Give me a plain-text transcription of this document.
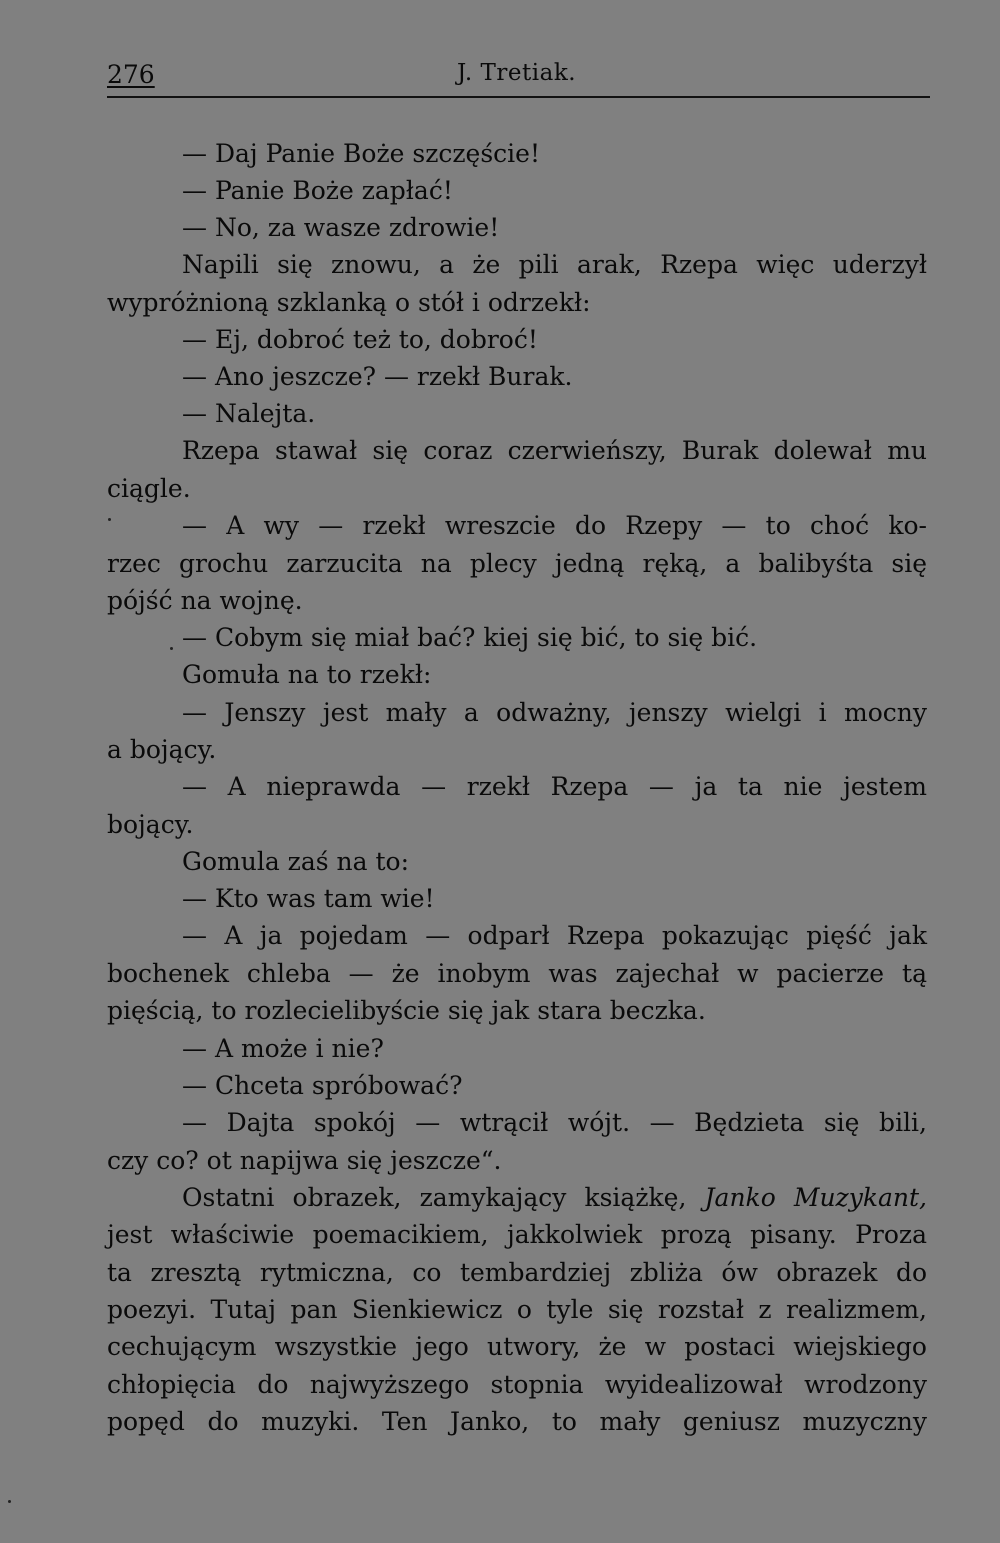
276	J. Tretiak.
— Daj Panie Boże szczęście!
— Panie Boże zapłać!
— No, za wasze zdrowie!
Napili się znowu, a że pili arak, Rzepa więc uderzył
wypróżnioną szklanką o stół i odrzekł:
— Ej, dobroć też to, dobroć!
— Ano jeszcze? — rzekł Burak.
— Nalejta.
Rzepa stawał się coraz czerwieńszy, Burak dolewał mu
ciągle.
— A wy — rzekł wreszcie do Rzepy — to choć ko-
rzec grochu zarzucita na plecy jedną ręką, a balibyśta się
pójść na wojnę.
— Cobym się miał bać? kiej się bić, to się bić.
Gomuła na to rzekł:
— Jenszy jest mały a odważny, jenszy wielgi i mocny
a bojący.
— A nieprawda — rzekł Rzepa — ja ta nie jestem
bojący.
Gomula zaś na to:
— Kto was tam wie!
— A ja pojedam — odparł Rzepa pokazując pięść jak
bochenek chleba — że inobym was zajechał w pacierze tą
pięścią, to rozlecielibyście się jak stara beczka.
— A może i nie?
— Chceta spróbować?
— Dajta spokój — wtrącił wójt. — Będzieta się bili,
czy co? ot napijwa się jeszcze“.
Ostatni obrazek, zamykający książkę, Janko Muzykant,
jest właściwie poemacikiem, jakkolwiek prozą pisany. Proza
ta zresztą rytmiczna, co tembardziej zbliża ów obrazek do
poezyi. Tutaj pan Sienkiewicz o tyle się rozstał z realizmem,
cechującym wszystkie jego utwory, że w postaci wiejskiego
chłopięcia do najwyższego stopnia wyidealizował wrodzony
popęd do muzyki. Ten Janko, to mały geniusz muzyczny
